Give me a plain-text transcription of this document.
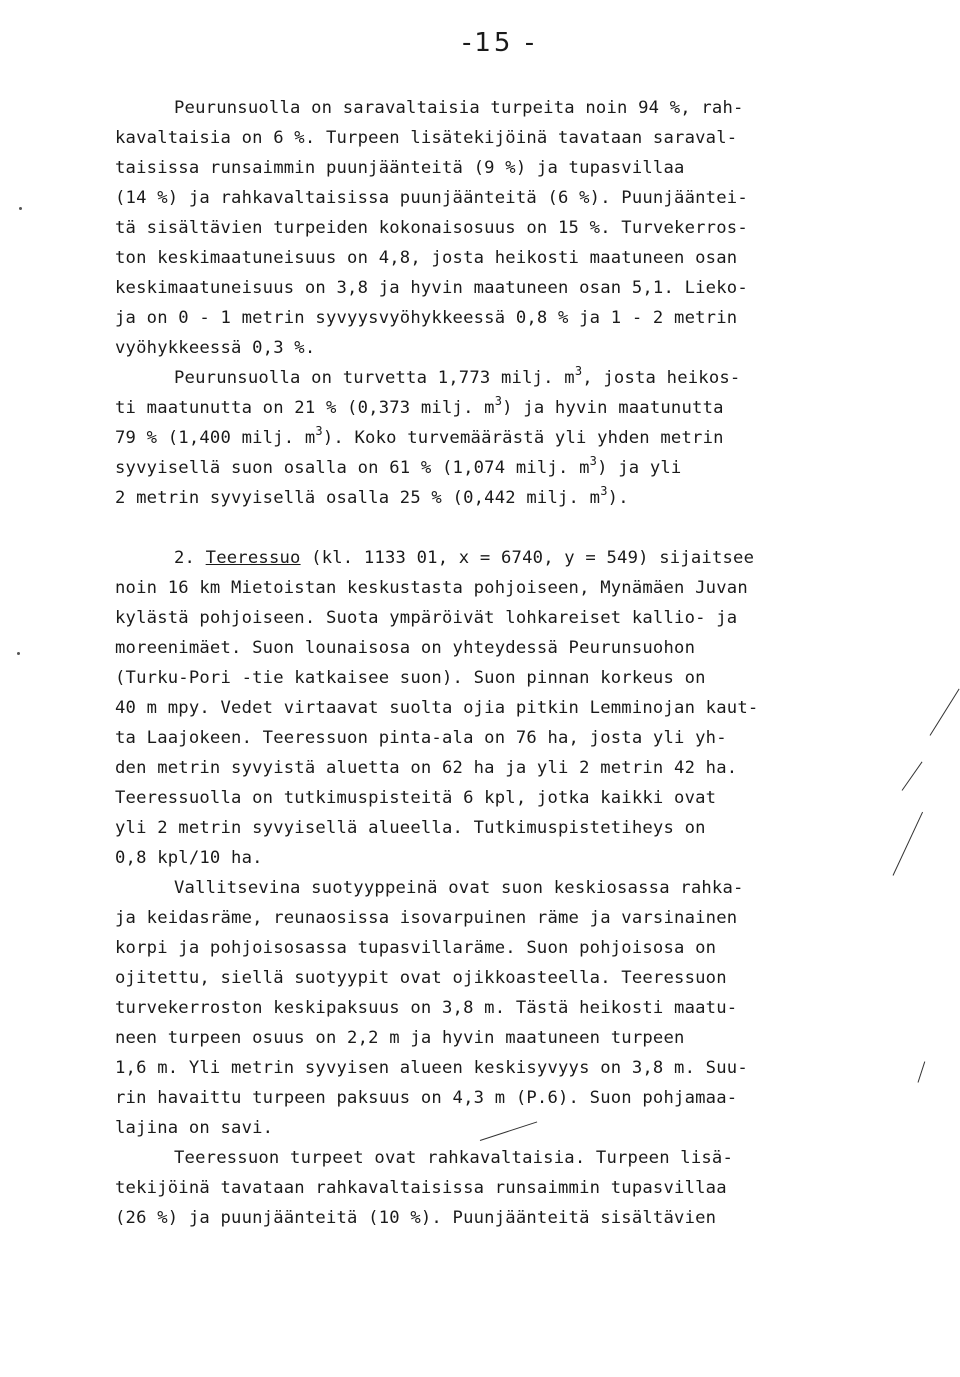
-15 -
Peurunsuolla on saravaltaisia turpeita noin 94 %, rah-
kavaltaisia on 6 %. Turpeen lisätekijöinä tavataan saraval-
taisissa runsaimmin puunjäänteitä (9 %) ja tupasvillaa
(14 %) ja rahkavaltaisissa puunjäänteitä (6 %). Puunjääntei-
tä sisältävien turpeiden kokonaisosuus on 15 %. Turvekerros-
ton keskimaatuneisuus on 4,8, josta heikosti maatuneen osan
keskimaatuneisuus on 3,8 ja hyvin maatuneen osan 5,1. Lieko-
ja on 0 - 1 metrin syvyysvyöhykkeessä 0,8 % ja 1 - 2 metrin
vyöhykkeessä 0,3 %.
Peurunsuolla on turvetta 1,773 milj. $m^3$, josta heikos-
ti maatunutta on 21 % (0,373 milj. $m^3$) ja hyvin maatunutta
79 % (1,400 milj. $m^3$). Koko turvemäärästä yli yhden metrin
syvyisellä suon osalla on 61 % (1,074 milj. $m^3$) ja yli
2 metrin syvyisellä osalla 25 % (0,442 milj. $m^3$).
2. Teeressuo (kl. 1133 01, x = 6740, y = 549) sijaitsee
noin 16 km Mietoistan keskustasta pohjoiseen, Mynämäen Juvan
kylästä pohjoiseen. Suota ympäröivät lohkareiset kallio- ja
moreenimäet. Suon lounaisosa on yhteydessä Peurunsuohon
(Turku-Pori -tie katkaisee suon). Suon pinnan korkeus on
40 m mpy. Vedet virtaavat suolta ojia pitkin Lemminojan kaut-
ta Laajokeen. Teeressuon pinta-ala on 76 ha, josta yli yh-
den metrin syvyistä aluetta on 62 ha ja yli 2 metrin 42 ha.
Teeressuolla on tutkimuspisteitä 6 kpl, jotka kaikki ovat
yli 2 metrin syvyisellä alueella. Tutkimuspistetiheys on
0,8 kpl/10 ha.
Vallitsevina suotyyppeinä ovat suon keskiosassa rahka-
ja keidasräme, reunaosissa isovarpuinen räme ja varsinainen
korpi ja pohjoisosassa tupasvillaräme. Suon pohjoisosa on
ojitettu, siellä suotyypit ovat ojikkoasteella. Teeressuon
turvekerroston keskipaksuus on 3,8 m. Tästä heikosti maatu-
neen turpeen osuus on 2,2 m ja hyvin maatuneen turpeen
1,6 m. Yli metrin syvyisen alueen keskisyvyys on 3,8 m. Suu-
rin havaittu turpeen paksuus on 4,3 m (P.6). Suon pohjamaa-
lajina on savi.
Teeressuon turpeet ovat rahkavaltaisia. Turpeen lisä-
tekijöinä tavataan rahkavaltaisissa runsaimmin tupasvillaa
(26 %) ja puunjäänteitä (10 %). Puunjäänteitä sisältävien
